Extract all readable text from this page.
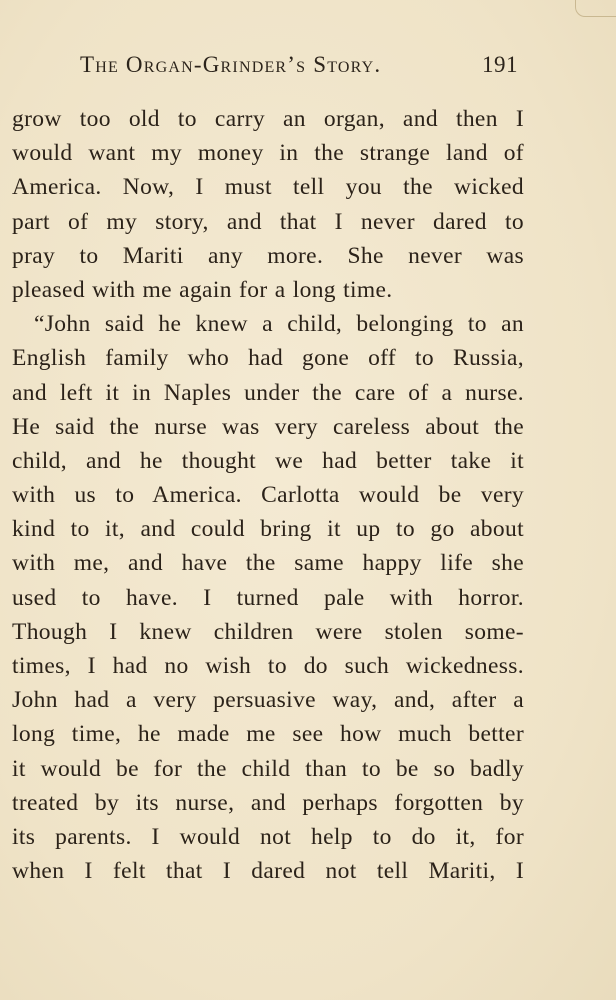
The Organ-Grinder’s Story.	191
grow too old to carry an organ, and then I
would want my money in the strange land of
America. Now, I must tell you the wicked
part of my story, and that I never dared to
pray to Mariti any more. She never was
pleased with me again for a long time.
“John said he knew a child, belonging to an
English family who had gone off to Russia,
and left it in Naples under the care of a nurse.
He said the nurse was very careless about the
child, and he thought we had better take it
with us to America. Carlotta would be very
kind to it, and could bring it up to go about
with me, and have the same happy life she
used to have. I turned pale with horror.
Though I knew children were stolen some-
times, I had no wish to do such wickedness.
John had a very persuasive way, and, after a
long time, he made me see how much better
it would be for the child than to be so badly
treated by its nurse, and perhaps forgotten by
its parents. I would not help to do it, for
when I felt that I dared not tell Mariti, I
